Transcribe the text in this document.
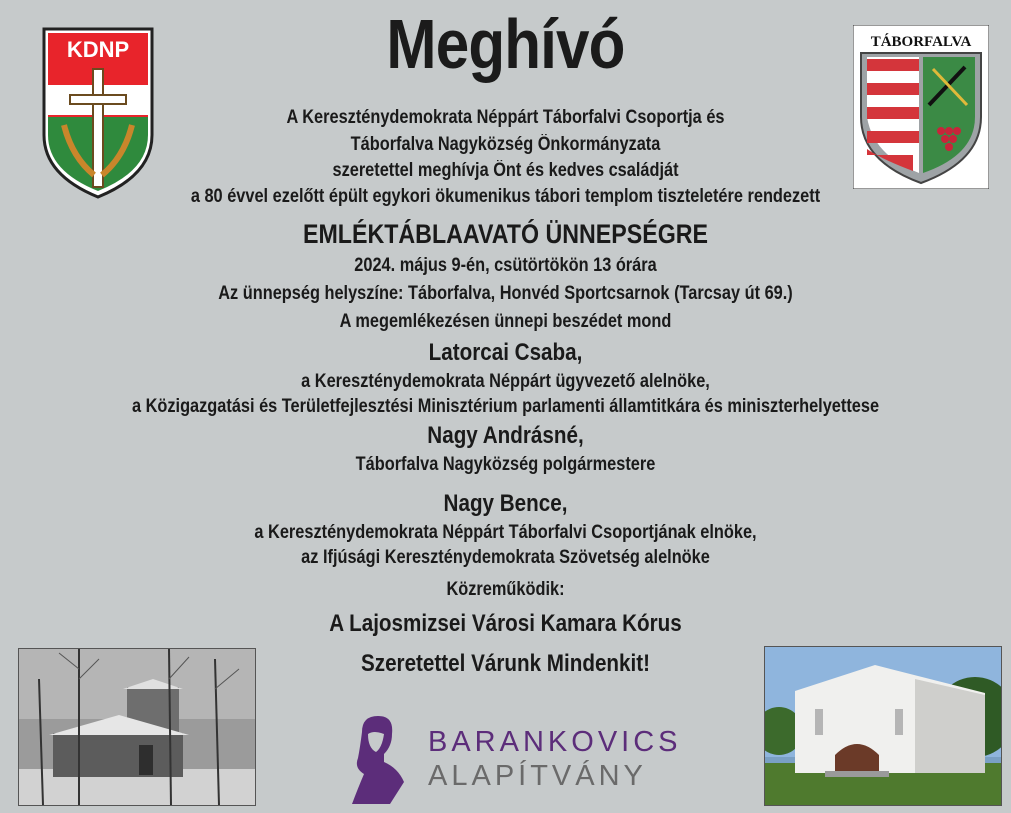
KDNP	TÁBORFALVA
Meghívó
A Kereszténydemokrata Néppárt Táborfalvi Csoportja és
Táborfalva Nagyközség Önkormányzata
szeretettel meghívja Önt és kedves családját
a 80 évvel ezelőtt épült egykori ökumenikus tábori templom tiszteletére rendezett
EMLÉKTÁBLAAVATÓ ÜNNEPSÉGRE
2024. május 9-én, csütörtökön 13 órára
Az ünnepség helyszíne: Táborfalva, Honvéd Sportcsarnok (Tarcsay út 69.)
A megemlékezésen ünnepi beszédet mond
Latorcai Csaba,
a Kereszténydemokrata Néppárt ügyvezető alelnöke,
a Közigazgatási és Területfejlesztési Minisztérium parlamenti államtitkára és miniszterhelyettese
Nagy Andrásné,
Táborfalva Nagyközség polgármestere
Nagy Bence,
a Kereszténydemokrata Néppárt Táborfalvi Csoportjának elnöke,
az Ifjúsági Kereszténydemokrata Szövetség alelnöke
Közreműködik:
A Lajosmizsei Városi Kamara Kórus
Szeretettel Várunk Mindenkit!
BARANKOVICS
ALAPÍTVÁNY
